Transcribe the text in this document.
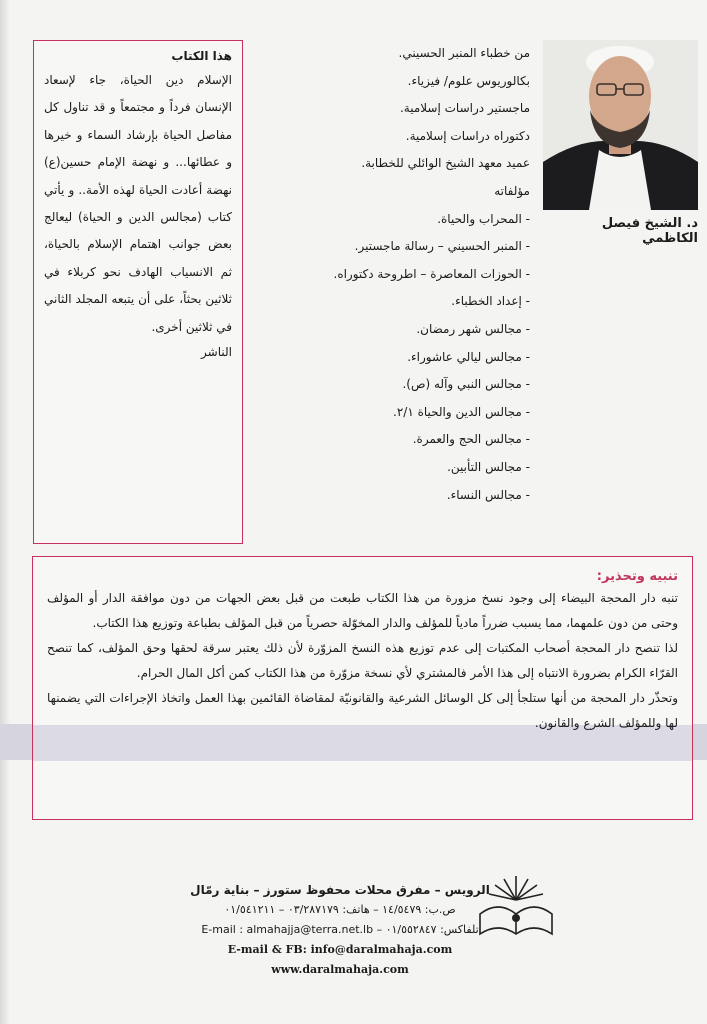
هذا الكتاب
الإسلام دين الحياة، جاء لإسعاد الإنسان فرداً و مجتمعاً و قد تناول كل مفاصل الحياة بإرشاد السماء و خيرها و عطائها... و نهضة الإمام حسين(ع) نهضة أعادت الحياة لهذه الأمة.. و يأتي كتاب (مجالس الدين و الحياة) ليعالج بعض جوانب اهتمام الإسلام بالحياة، ثم الانسياب الهادف نحو كربلاء في ثلاثين بحثاً، على أن يتبعه المجلد الثاني في ثلاثين أخرى.
الناشر
من خطباء المنبر الحسيني.
بكالوريوس علوم/ فيزياء.
ماجستير دراسات إسلامية.
دكتوراه دراسات إسلامية.
عميد معهد الشيخ الوائلي للخطابة.
مؤلفاته
- المحراب والحياة.
- المنبر الحسيني – رسالة ماجستير.
- الحوزات المعاصرة – اطروحة دكتوراه.
- إعداد الخطباء.
- مجالس شهر رمضان.
- مجالس ليالي عاشوراء.
- مجالس النبي وآله (ص).
- مجالس الدين والحياة ٢/١.
- مجالس الحج والعمرة.
- مجالس التأبين.
- مجالس النساء.
د. الشيخ فيصل الكاظمي
تنبيه وتحذير:

تنبه دار المحجة البيضاء إلى وجود نسخ مزورة من هذا الكتاب طبعت من قبل بعض الجهات من دون موافقة الدار أو المؤلف وحتى من دون علمهما، مما يسبب ضرراً مادياً للمؤلف والدار المخوّلة حصرياً من قبل المؤلف بطباعة وتوزيع هذا الكتاب.

لذا تنصح دار المحجة أصحاب المكتبات إلى عدم توزيع هذه النسخ المزوّرة لأن ذلك يعتبر سرقة لحقها وحق المؤلف، كما تنصح القرّاء الكرام بضرورة الانتباه إلى هذا الأمر فالمشتري لأي نسخة مزوّرة من هذا الكتاب كمن أكل المال الحرام.

وتحذّر دار المحجة من أنها ستلجأ إلى كل الوسائل الشرعية والقانونيّة لمقاضاة القائمين بهذا العمل واتخاذ الإجراءات التي يضمنها لها وللمؤلف الشرع والقانون.

الرويس – مفرق محلات محفوظ ستورز – بناية رمّال
ص.ب: ١٤/٥٤٧٩ – هاتف: ٠٣/٢٨٧١٧٩ – ٠١/٥٤١٢١١
تلفاكس: ٠١/٥٥٢٨٤٧ – E-mail : almahajja@terra.net.lb
E-mail & FB: info@daralmahaja.com
www.daralmahaja.com
